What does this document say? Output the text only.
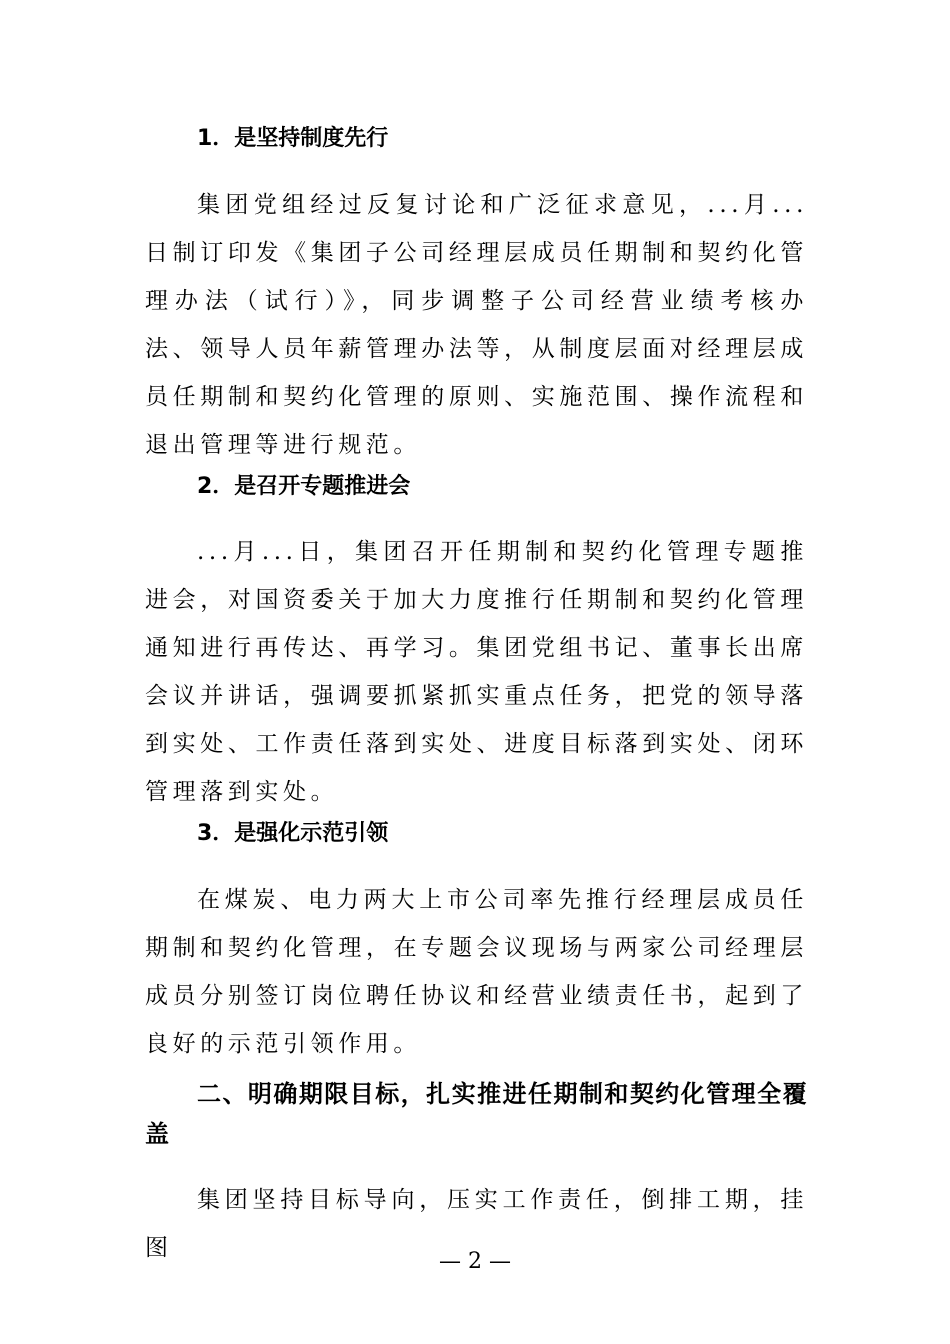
1．是坚持制度先行

集团党组经过反复讨论和广泛征求意见，...月...日制订印发《集团子公司经理层成员任期制和契约化管理办法（试行）》，同步调整子公司经营业绩考核办法、领导人员年薪管理办法等，从制度层面对经理层成员任期制和契约化管理的原则、实施范围、操作流程和退出管理等进行规范。

2．是召开专题推进会

...月...日，集团召开任期制和契约化管理专题推进会，对国资委关于加大力度推行任期制和契约化管理通知进行再传达、再学习。集团党组书记、董事长出席会议并讲话，强调要抓紧抓实重点任务，把党的领导落到实处、工作责任落到实处、进度目标落到实处、闭环管理落到实处。

3．是强化示范引领

在煤炭、电力两大上市公司率先推行经理层成员任期制和契约化管理，在专题会议现场与两家公司经理层成员分别签订岗位聘任协议和经营业绩责任书，起到了良好的示范引领作用。

二、明确期限目标，扎实推进任期制和契约化管理全覆盖

集团坚持目标导向，压实工作责任，倒排工期，挂图

— 2 —
